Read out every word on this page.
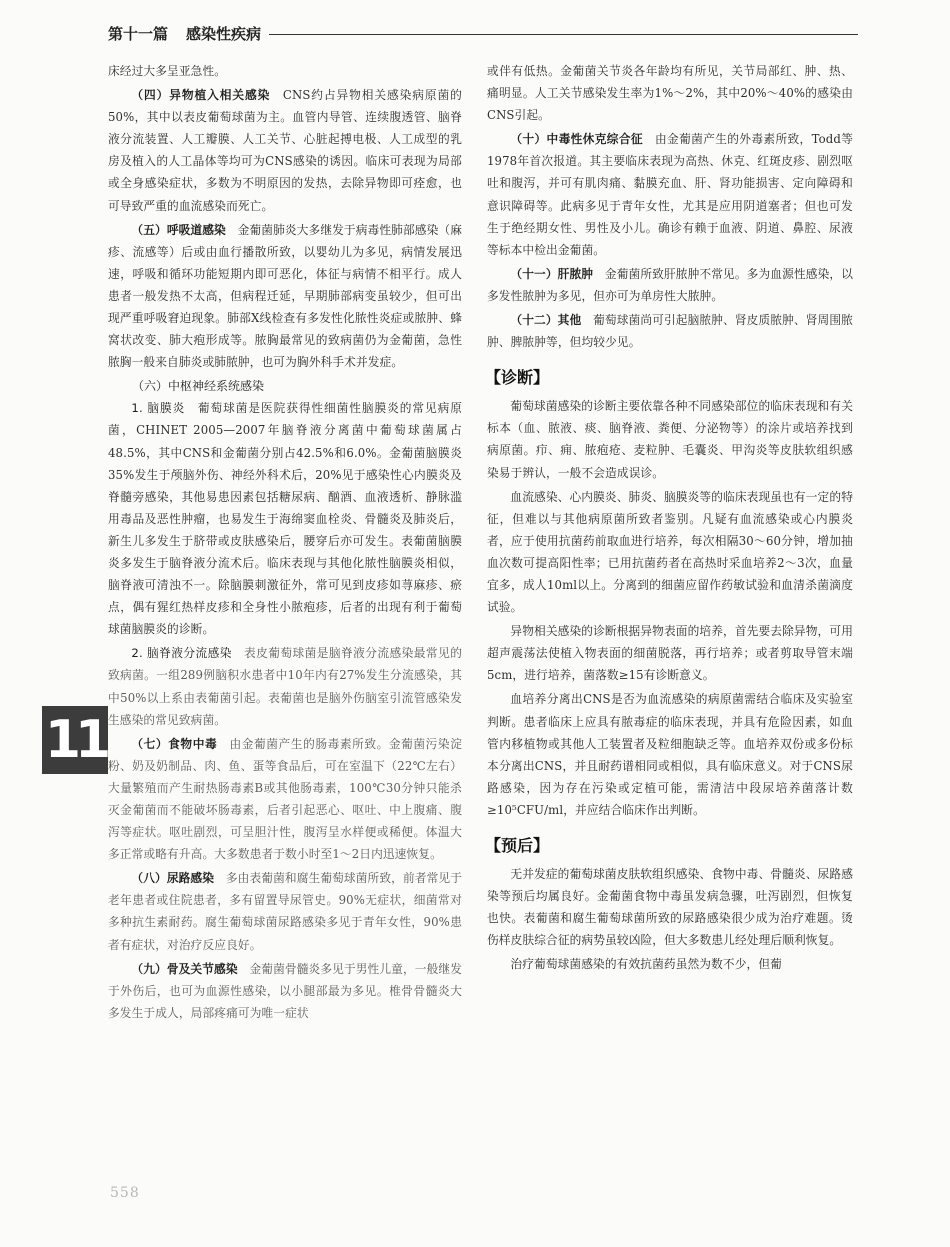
第十一篇 感染性疾病

床经过大多呈亚急性。

（四）异物植入相关感染　CNS约占异物相关感染病原菌的50%，其中以表皮葡萄球菌为主。血管内导管、连续腹透管、脑脊液分流装置、人工瓣膜、人工关节、心脏起搏电极、人工成型的乳房及植入的人工晶体等均可为CNS感染的诱因。临床可表现为局部或全身感染症状，多数为不明原因的发热，去除异物即可痊愈，也可导致严重的血流感染而死亡。

（五）呼吸道感染　金葡菌肺炎大多继发于病毒性肺部感染（麻疹、流感等）后或由血行播散所致，以婴幼儿为多见，病情发展迅速，呼吸和循环功能短期内即可恶化，体征与病情不相平行。成人患者一般发热不太高，但病程迁延，早期肺部病变虽较少，但可出现严重呼吸窘迫现象。肺部X线检查有多发性化脓性炎症或脓肿、蜂窝状改变、肺大疱形成等。脓胸最常见的致病菌仍为金葡菌，急性脓胸一般来自肺炎或肺脓肿，也可为胸外科手术并发症。

（六）中枢神经系统感染

1. 脑膜炎　葡萄球菌是医院获得性细菌性脑膜炎的常见病原菌，CHINET 2005—2007年脑脊液分离菌中葡萄球菌属占48.5%，其中CNS和金葡菌分别占42.5%和6.0%。金葡菌脑膜炎35%发生于颅脑外伤、神经外科术后，20%见于感染性心内膜炎及脊髓旁感染，其他易患因素包括糖尿病、酗酒、血液透析、静脉滥用毒品及恶性肿瘤，也易发生于海绵窦血栓炎、骨髓炎及肺炎后，新生儿多发生于脐带或皮肤感染后，腰穿后亦可发生。表葡菌脑膜炎多发生于脑脊液分流术后。临床表现与其他化脓性脑膜炎相似，脑脊液可清浊不一。除脑膜刺激征外，常可见到皮疹如荨麻疹、瘀点，偶有猩红热样皮疹和全身性小脓疱疹，后者的出现有利于葡萄球菌脑膜炎的诊断。

2. 脑脊液分流感染　表皮葡萄球菌是脑脊液分流感染最常见的致病菌。一组289例脑积水患者中10年内有27%发生分流感染，其中50%以上系由表葡菌引起。表葡菌也是脑外伤脑室引流管感染发生感染的常见致病菌。

（七）食物中毒　由金葡菌产生的肠毒素所致。金葡菌污染淀粉、奶及奶制品、肉、鱼、蛋等食品后，可在室温下（22℃左右）大量繁殖而产生耐热肠毒素B或其他肠毒素，100℃30分钟只能杀灭金葡菌而不能破坏肠毒素，后者引起恶心、呕吐、中上腹痛、腹泻等症状。呕吐剧烈，可呈胆汁性，腹泻呈水样便或稀便。体温大多正常或略有升高。大多数患者于数小时至1～2日内迅速恢复。

（八）尿路感染　多由表葡菌和腐生葡萄球菌所致，前者常见于老年患者或住院患者，多有留置导尿管史。90%无症状，细菌常对多种抗生素耐药。腐生葡萄球菌尿路感染多见于青年女性，90%患者有症状，对治疗反应良好。

（九）骨及关节感染　金葡菌骨髓炎多见于男性儿童，一般继发于外伤后，也可为血源性感染，以小腿部最为多见。椎骨骨髓炎大多发生于成人，局部疼痛可为唯一症状

或伴有低热。金葡菌关节炎各年龄均有所见，关节局部红、肿、热、痛明显。人工关节感染发生率为1%～2%，其中20%～40%的感染由CNS引起。

（十）中毒性休克综合征　由金葡菌产生的外毒素所致，Todd等1978年首次报道。其主要临床表现为高热、休克、红斑皮疹、剧烈呕吐和腹泻，并可有肌肉痛、黏膜充血、肝、肾功能损害、定向障碍和意识障碍等。此病多见于青年女性，尤其是应用阴道塞者；但也可发生于绝经期女性、男性及小儿。确诊有赖于血液、阴道、鼻腔、尿液等标本中检出金葡菌。

（十一）肝脓肿　金葡菌所致肝脓肿不常见。多为血源性感染，以多发性脓肿为多见，但亦可为单房性大脓肿。

（十二）其他　葡萄球菌尚可引起脑脓肿、肾皮质脓肿、肾周围脓肿、脾脓肿等，但均较少见。

【诊断】

葡萄球菌感染的诊断主要依靠各种不同感染部位的临床表现和有关标本（血、脓液、痰、脑脊液、粪便、分泌物等）的涂片或培养找到病原菌。疖、痈、脓疱疮、麦粒肿、毛囊炎、甲沟炎等皮肤软组织感染易于辨认，一般不会造成误诊。

血流感染、心内膜炎、肺炎、脑膜炎等的临床表现虽也有一定的特征，但难以与其他病原菌所致者鉴别。凡疑有血流感染或心内膜炎者，应于使用抗菌药前取血进行培养，每次相隔30～60分钟，增加抽血次数可提高阳性率；已用抗菌药者在高热时采血培养2～3次，血量宜多，成人10ml以上。分离到的细菌应留作药敏试验和血清杀菌滴度试验。

异物相关感染的诊断根据异物表面的培养，首先要去除异物，可用超声震荡法使植入物表面的细菌脱落，再行培养；或者剪取导管末端5cm，进行培养，菌落数≥15有诊断意义。

血培养分离出CNS是否为血流感染的病原菌需结合临床及实验室判断。患者临床上应具有脓毒症的临床表现，并具有危险因素，如血管内移植物或其他人工装置者及粒细胞缺乏等。血培养双份或多份标本分离出CNS，并且耐药谱相同或相似，具有临床意义。对于CNS尿路感染，因为存在污染或定植可能，需清洁中段尿培养菌落计数≥10⁵CFU/ml，并应结合临床作出判断。

【预后】

无并发症的葡萄球菌皮肤软组织感染、食物中毒、骨髓炎、尿路感染等预后均属良好。金葡菌食物中毒虽发病急骤，吐泻剧烈，但恢复也快。表葡菌和腐生葡萄球菌所致的尿路感染很少成为治疗难题。烫伤样皮肤综合征的病势虽较凶险，但大多数患儿经处理后顺利恢复。

治疗葡萄球菌感染的有效抗菌药虽然为数不少，但葡

11
558
